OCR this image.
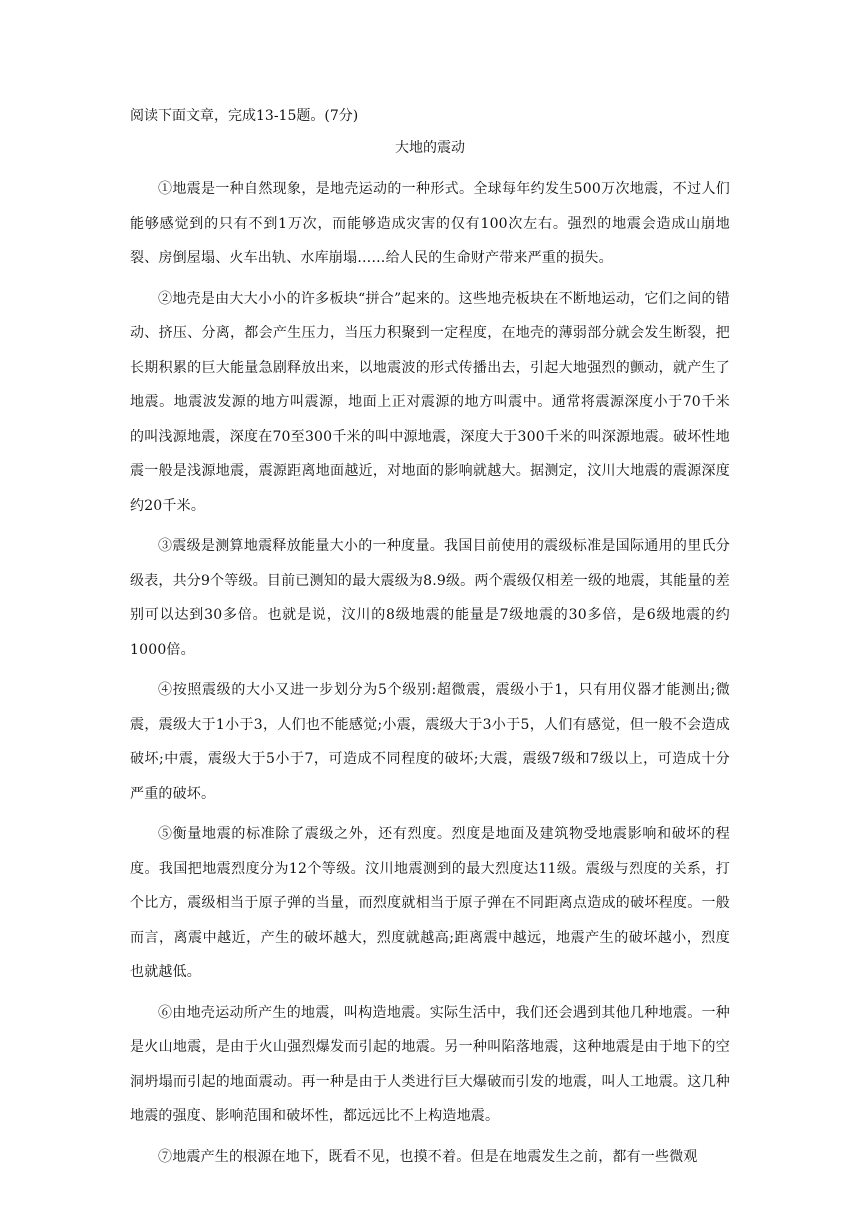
阅读下面文章，完成13-15题。(7分)

大地的震动

①地震是一种自然现象，是地壳运动的一种形式。全球每年约发生500万次地震，不过人们能够感觉到的只有不到1万次，而能够造成灾害的仅有100次左右。强烈的地震会造成山崩地裂、房倒屋塌、火车出轨、水库崩塌……给人民的生命财产带来严重的损失。

②地壳是由大大小小的许多板块“拼合”起来的。这些地壳板块在不断地运动，它们之间的错动、挤压、分离，都会产生压力，当压力积聚到一定程度，在地壳的薄弱部分就会发生断裂，把长期积累的巨大能量急剧释放出来，以地震波的形式传播出去，引起大地强烈的颤动，就产生了地震。地震波发源的地方叫震源，地面上正对震源的地方叫震中。通常将震源深度小于70千米的叫浅源地震，深度在70至300千米的叫中源地震，深度大于300千米的叫深源地震。破坏性地震一般是浅源地震，震源距离地面越近，对地面的影响就越大。据测定，汶川大地震的震源深度约20千米。

③震级是测算地震释放能量大小的一种度量。我国目前使用的震级标准是国际通用的里氏分级表，共分9个等级。目前已测知的最大震级为8.9级。两个震级仅相差一级的地震，其能量的差别可以达到30多倍。也就是说，汶川的8级地震的能量是7级地震的30多倍，是6级地震的约1000倍。

④按照震级的大小又进一步划分为5个级别:超微震，震级小于1，只有用仪器才能测出;微震，震级大于1小于3，人们也不能感觉;小震，震级大于3小于5，人们有感觉，但一般不会造成破坏;中震，震级大于5小于7，可造成不同程度的破坏;大震，震级7级和7级以上，可造成十分严重的破坏。

⑤衡量地震的标准除了震级之外，还有烈度。烈度是地面及建筑物受地震影响和破坏的程度。我国把地震烈度分为12个等级。汶川地震测到的最大烈度达11级。震级与烈度的关系，打个比方，震级相当于原子弹的当量，而烈度就相当于原子弹在不同距离点造成的破坏程度。一般而言，离震中越近，产生的破坏越大，烈度就越高;距离震中越远，地震产生的破坏越小，烈度也就越低。

⑥由地壳运动所产生的地震，叫构造地震。实际生活中，我们还会遇到其他几种地震。一种是火山地震，是由于火山强烈爆发而引起的地震。另一种叫陷落地震，这种地震是由于地下的空洞坍塌而引起的地面震动。再一种是由于人类进行巨大爆破而引发的地震，叫人工地震。这几种地震的强度、影响范围和破坏性，都远远比不上构造地震。

⑦地震产生的根源在地下，既看不见，也摸不着。但是在地震发生之前，都有一些微观
